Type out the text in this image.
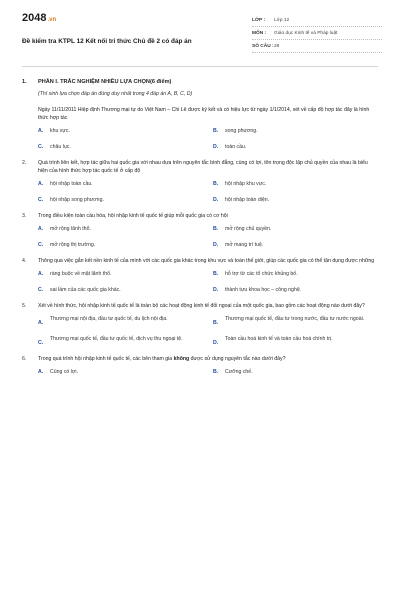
2048.vn
Đề kiểm tra KTPL 12 Kết nối tri thức Chủ đề 2 có đáp án
LỚP :	Lớp 12
MÔN :	Giáo dục Kinh tế và Pháp luật
SỐ CÂU : 28
1.	PHẦN I. TRẮC NGHIỆM NHIỀU LỰA CHỌN(6 điểm)
(Thí sinh lựa chọn đáp án đúng duy nhất trong 4 đáp án A, B, C, D)
Ngày 11/11/2011 Hiệp định Thương mại tự do Việt Nam – Chi Lê được ký kết và có hiệu lực từ ngày 1/1/2014, xét về cấp độ hợp tác đây là hình thức hợp tác
A.	khu vực.	B.	song phương.
C.	châu lục.	D.	toàn cầu.
2.	Quá trình liên kết, hợp tác giữa hai quốc gia với nhau dựa trên nguyên tắc bình đẳng, cùng có lợi, tôn trọng độc lập chủ quyền của nhau là biểu hiện của hình thức hợp tác quốc tế ở cấp độ
A.	hội nhập toàn cầu.	B.	hội nhập khu vực.
C.	hội nhập song phương.	D.	hội nhập toàn diện.
3.	Trong điều kiện toàn cầu hóa, hội nhập kinh tế quốc tế giúp mỗi quốc gia có cơ hội
A.	mở rộng lãnh thổ.	B.	mở rộng chủ quyền.
C.	mở rộng thị trường.	D.	mở mang trí tuệ.
4.	Thông qua việc gắn kết nền kinh tế của mình với các quốc gia khác trong khu vực và toàn thế giới, giúp các quốc gia có thể tận dụng được những
A.	ràng buộc về mặt lãnh thổ.	B.	hỗ trợ từ các tổ chức khủng bố.
C.	sai lầm của các quốc gia khác.	D.	thành tựu khoa học – công nghệ.
5.	Xét về hình thức, hội nhập kinh tế quốc tế là toàn bộ các hoạt động kinh tế đối ngoại của một quốc gia, bao gồm các hoạt động nào dưới đây?
A.
Thương mại nội địa, đầu tư quốc tế, du lịch nội địa.
B.
Thương mại quốc tế, đầu tư trong nước, đầu tư nước ngoài.
C.
Thương mại quốc tế, đầu tư quốc tế, dịch vụ thu ngoại tệ.
D.
Toàn cầu hoá kinh tế và toàn cầu hoá chính trị.
6.	Trong quá trình hội nhập kinh tế quốc tế, các bên tham gia không được sử dụng nguyên tắc nào dưới đây?
A.	Cùng có lợi.	B.	Cưỡng chế.
